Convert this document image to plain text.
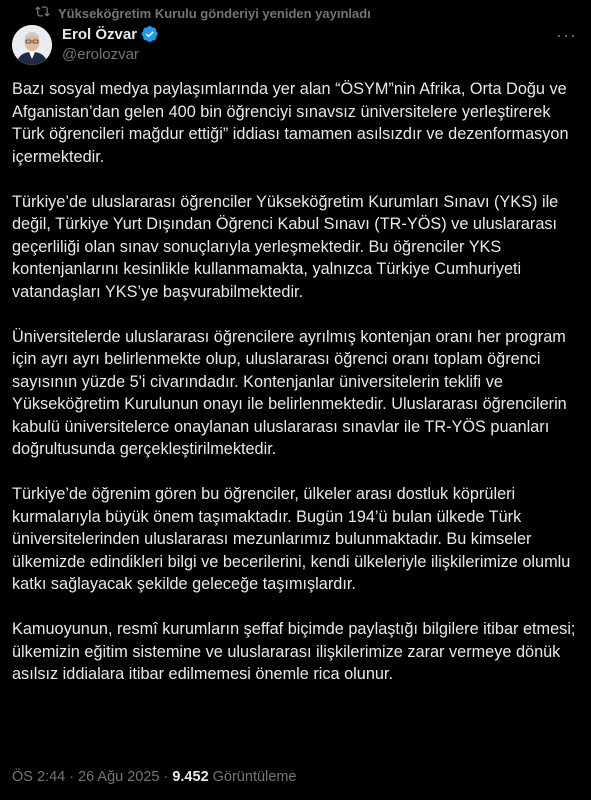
Yükseköğretim Kurulu gönderiyi yeniden yayınladı
Erol Özvar
@erolozvar
···

Bazı sosyal medya paylaşımlarında yer alan “ÖSYM”nin Afrika, Orta Doğu ve Afganistan’dan gelen 400 bin öğrenciyi sınavsız üniversitelere yerleştirerek Türk öğrencileri mağdur ettiği” iddiası tamamen asılsızdır ve dezenformasyon içermektedir.

Türkiye’de uluslararası öğrenciler Yükseköğretim Kurumları Sınavı (YKS) ile değil, Türkiye Yurt Dışından Öğrenci Kabul Sınavı (TR-YÖS) ve uluslararası geçerliliği olan sınav sonuçlarıyla yerleşmektedir. Bu öğrenciler YKS kontenjanlarını kesinlikle kullanmamakta, yalnızca Türkiye Cumhuriyeti vatandaşları YKS’ye başvurabilmektedir.

Üniversitelerde uluslararası öğrencilere ayrılmış kontenjan oranı her program için ayrı ayrı belirlenmekte olup, uluslararası öğrenci oranı toplam öğrenci sayısının yüzde 5'i civarındadır. Kontenjanlar üniversitelerin teklifi ve Yükseköğretim Kurulunun onayı ile belirlenmektedir. Uluslararası öğrencilerin kabulü üniversitelerce onaylanan uluslararası sınavlar ile TR-YÖS puanları doğrultusunda gerçekleştirilmektedir.

Türkiye’de öğrenim gören bu öğrenciler, ülkeler arası dostluk köprüleri kurmalarıyla büyük önem taşımaktadır. Bugün 194’ü bulan ülkede Türk üniversitelerinden uluslararası mezunlarımız bulunmaktadır. Bu kimseler ülkemizde edindikleri bilgi ve becerilerini, kendi ülkeleriyle ilişkilerimize olumlu katkı sağlayacak şekilde geleceğe taşımışlardır.

Kamuoyunun, resmî kurumların şeffaf biçimde paylaştığı bilgilere itibar etmesi; ülkemizin eğitim sistemine ve uluslararası ilişkilerimize zarar vermeye dönük asılsız iddialara itibar edilmemesi önemle rica olunur.

ÖS 2:44 · 26 Ağu 2025 · 9.452 Görüntüleme
